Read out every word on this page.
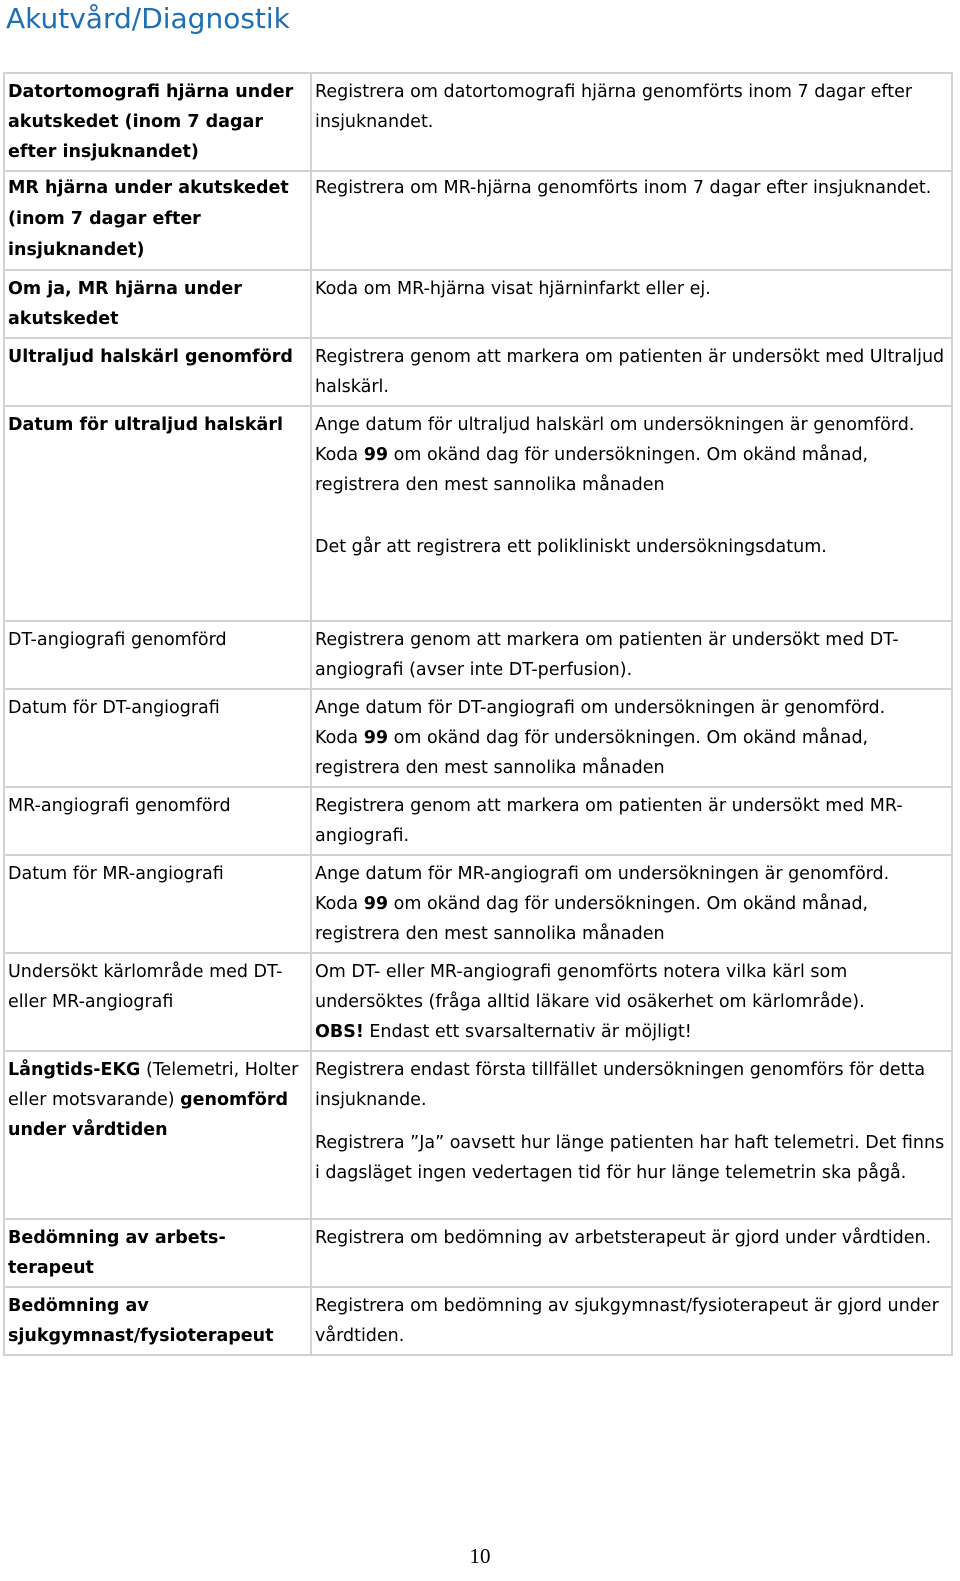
Akutvård/Diagnostik
Datortomografi hjärna under akutskedet (inom 7 dagar efter insjuknandet)	Registrera om datortomografi hjärna genomförts inom 7 dagar efter insjuknandet.
MR hjärna under akutskedet (inom 7 dagar efter insjuknandet)	Registrera om MR-hjärna genomförts inom 7 dagar efter insjuknandet.
Om ja, MR hjärna under akutskedet	Koda om MR-hjärna visat hjärninfarkt eller ej.
Ultraljud halskärl genomförd	Registrera genom att markera om patienten är undersökt med Ultraljud halskärl.
Datum för ultraljud halskärl	Ange datum för ultraljud halskärl om undersökningen är genomförd.
Koda 99 om okänd dag för undersökningen. Om okänd månad, registrera den mest sannolika månaden
Det går att registrera ett polikliniskt undersökningsdatum.

DT-angiografi genomförd	Registrera genom att markera om patienten är undersökt med DT-angiografi (avser inte DT-perfusion).
Datum för DT-angiografi	Ange datum för DT-angiografi om undersökningen är genomförd.
Koda 99 om okänd dag för undersökningen. Om okänd månad, registrera den mest sannolika månaden

MR-angiografi genomförd	Registrera genom att markera om patienten är undersökt med MR-angiografi.
Datum för MR-angiografi	Ange datum för MR-angiografi om undersökningen är genomförd.
Koda 99 om okänd dag för undersökningen. Om okänd månad, registrera den mest sannolika månaden

Undersökt kärlområde med DT- eller MR-angiografi	Om DT- eller MR-angiografi genomförts notera vilka kärl som undersöktes (fråga alltid läkare vid osäkerhet om kärlområde).
OBS! Endast ett svarsalternativ är möjligt!

Långtids-EKG (Telemetri, Holter eller motsvarande) genomförd under vårdtiden	Registrera endast första tillfället undersökningen genomförs för detta insjuknande.
Registrera ”Ja” oavsett hur länge patienten har haft telemetri. Det finns i dagsläget ingen vedertagen tid för hur länge telemetrin ska pågå.

Bedömning av arbets-terapeut	Registrera om bedömning av arbetsterapeut är gjord under vårdtiden.
Bedömning av sjukgymnast/fysioterapeut	Registrera om bedömning av sjukgymnast/fysioterapeut är gjord under vårdtiden.
10
